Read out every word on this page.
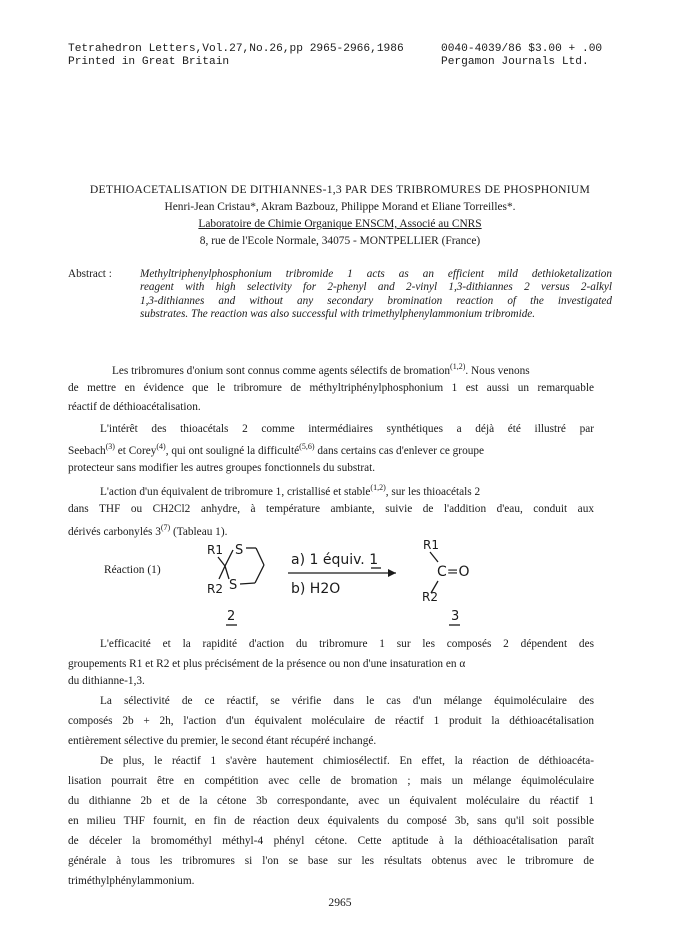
Tetrahedron Letters,Vol.27,No.26,pp 2965-2966,1986
Printed in Great Britain
0040-4039/86 $3.00 + .00
Pergamon Journals Ltd.
DETHIOACETALISATION DE DITHIANNES-1,3 PAR DES TRIBROMURES DE PHOSPHONIUM
Henri-Jean Cristau*, Akram Bazbouz, Philippe Morand et Eliane Torreilles*.
Laboratoire de Chimie Organique ENSCM, Associé au CNRS
8, rue de l'Ecole Normale, 34075 - MONTPELLIER (France)
Abstract :	Methyltriphenylphosphonium tribromide 1 acts as an efficient mild dethioketalization
reagent with high selectivity for 2-phenyl and 2-vinyl 1,3-dithiannes 2 versus 2-alkyl
1,3-dithiannes and without any secondary bromination reaction of the investigated
substrates. The reaction was also successful with trimethylphenylammonium tribromide.
Les tribromures d'onium sont connus comme agents sélectifs de bromation$^{(1,2)}$. Nous venons
de mettre en évidence que le tribromure de méthyltriphénylphosphonium 1 est aussi un remarquable
réactif de déthioacétalisation.
L'intérêt des thioacétals 2 comme intermédiaires synthétiques a déjà été illustré par
Seebach$^{(3)}$ et Corey$^{(4)}$, qui ont souligné la difficulté$^{(5,6)}$ dans certains cas d'enlever ce groupe
protecteur sans modifier les autres groupes fonctionnels du substrat.
L'action d'un équivalent de tribromure 1, cristallisé et stable$^{(1,2)}$, sur les thioacétals 2
dans THF ou CH2Cl2 anhydre, à température ambiante, suivie de l'addition d'eau, conduit aux
dérivés carbonylés 3$^{(7)}$ (Tableau 1).
Réaction (1)
R1 S
S
R2
2
a) 1 équiv. 1
b) H2O
R1
C=O
R2
3
L'efficacité et la rapidité d'action du tribromure 1 sur les composés 2 dépendent des
groupements R1 et R2 et plus précisément de la présence ou non d'une insaturation en α
du dithianne-1,3.
La sélectivité de ce réactif, se vérifie dans le cas d'un mélange équimoléculaire des
composés 2b + 2h, l'action d'un équivalent moléculaire de réactif 1 produit la déthioacétalisation
entièrement sélective du premier, le second étant récupéré inchangé.
De plus, le réactif 1 s'avère hautement chimiosélectif. En effet, la réaction de déthioacéta-
lisation pourrait être en compétition avec celle de bromation ; mais un mélange équimoléculaire
du dithianne 2b et de la cétone 3b correspondante, avec un équivalent moléculaire du réactif 1
en milieu THF fournit, en fin de réaction deux équivalents du composé 3b, sans qu'il soit possible
de déceler la bromométhyl méthyl-4 phényl cétone. Cette aptitude à la déthioacétalisation paraît
générale à tous les tribromures si l'on se base sur les résultats obtenus avec le tribromure de
triméthylphénylammonium.
2965
